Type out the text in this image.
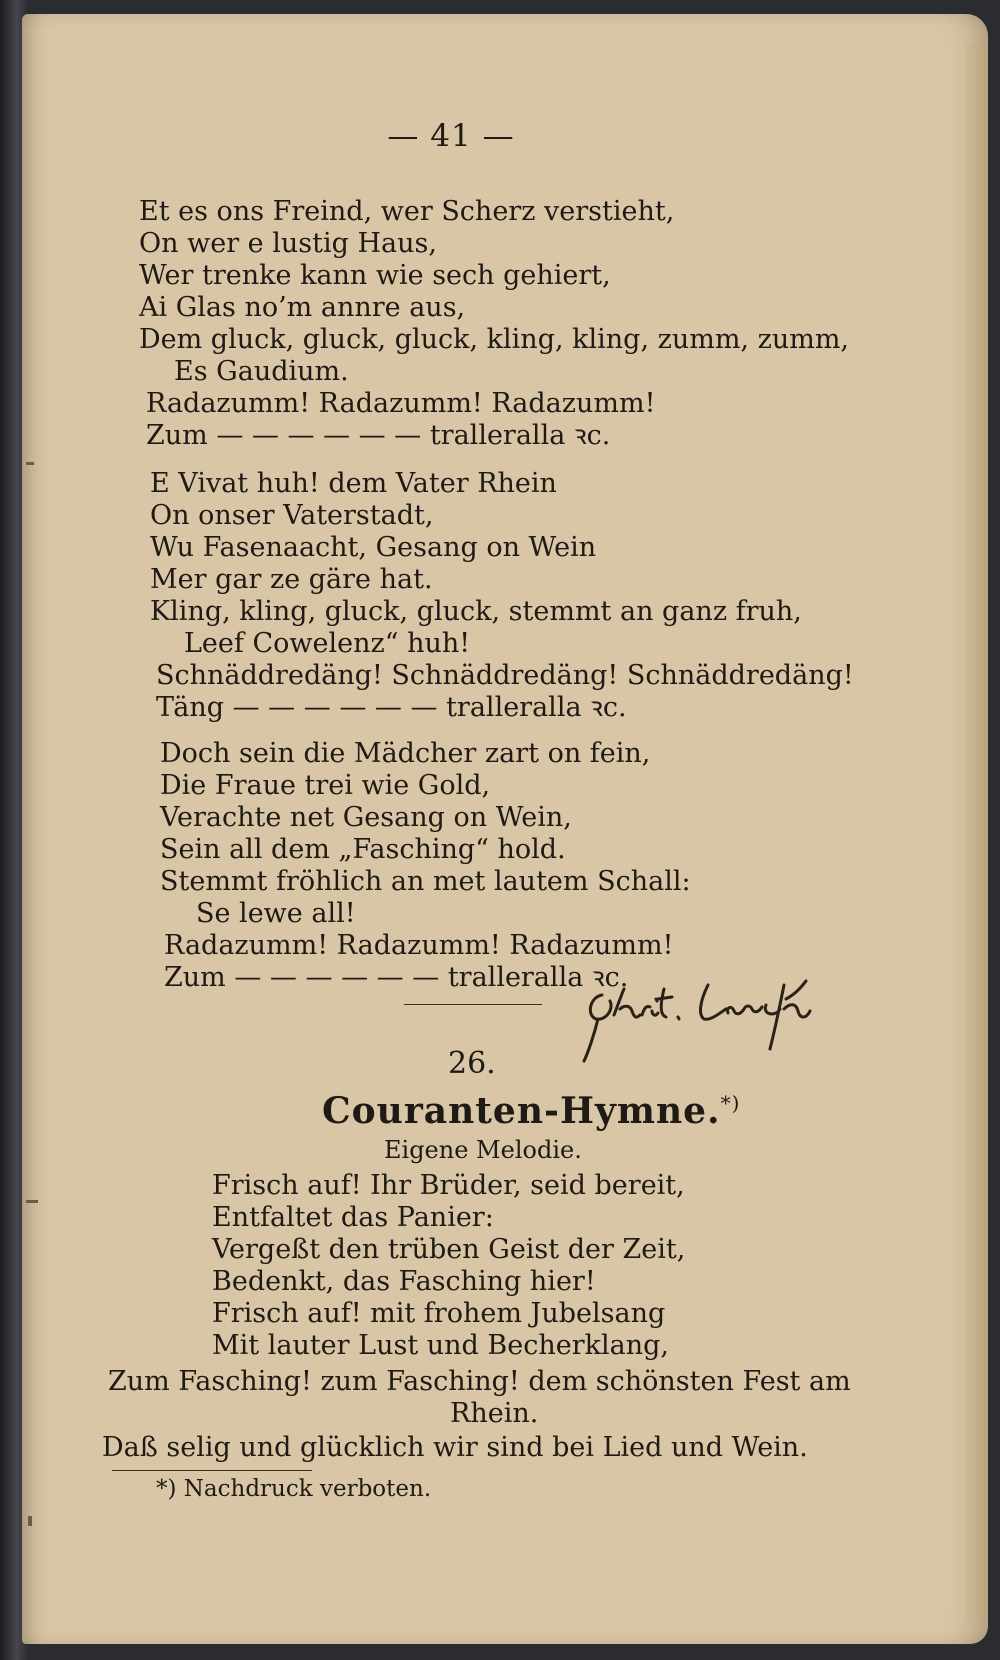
— 41 —
Et es ons Freind, wer Scherz verstieht,
On wer e lustig Haus,
Wer trenke kann wie sech gehiert,
Ai Glas no’m annre aus,
Dem gluck, gluck, gluck, kling, kling, zumm, zumm,
Es Gaudium.
Radazumm! Radazumm! Radazumm!
Zum — — — — — — tralleralla ꝛc.
E Vivat huh! dem Vater Rhein
On onser Vaterstadt,
Wu Fasenaacht, Gesang on Wein
Mer gar ze gäre hat.
Kling, kling, gluck, gluck, stemmt an ganz fruh,
Leef Cowelenz“ huh!
Schnäddredäng! Schnäddredäng! Schnäddredäng!
Täng — — — — — — tralleralla ꝛc.
Doch sein die Mädcher zart on fein,
Die Fraue trei wie Gold,
Verachte net Gesang on Wein,
Sein all dem „Fasching“ hold.
Stemmt fröhlich an met lautem Schall:
Se lewe all!
Radazumm! Radazumm! Radazumm!
Zum — — — — — — tralleralla ꝛc.
26.
Couranten-Hymne.*)
Eigene Melodie.
Frisch auf! Ihr Brüder, seid bereit,
Entfaltet das Panier:
Vergeßt den trüben Geist der Zeit,
Bedenkt, das Fasching hier!
Frisch auf! mit frohem Jubelsang
Mit lauter Lust und Becherklang,
Zum Fasching! zum Fasching! dem schönsten Fest am
Rhein.
Daß selig und glücklich wir sind bei Lied und Wein.
*) Nachdruck verboten.
